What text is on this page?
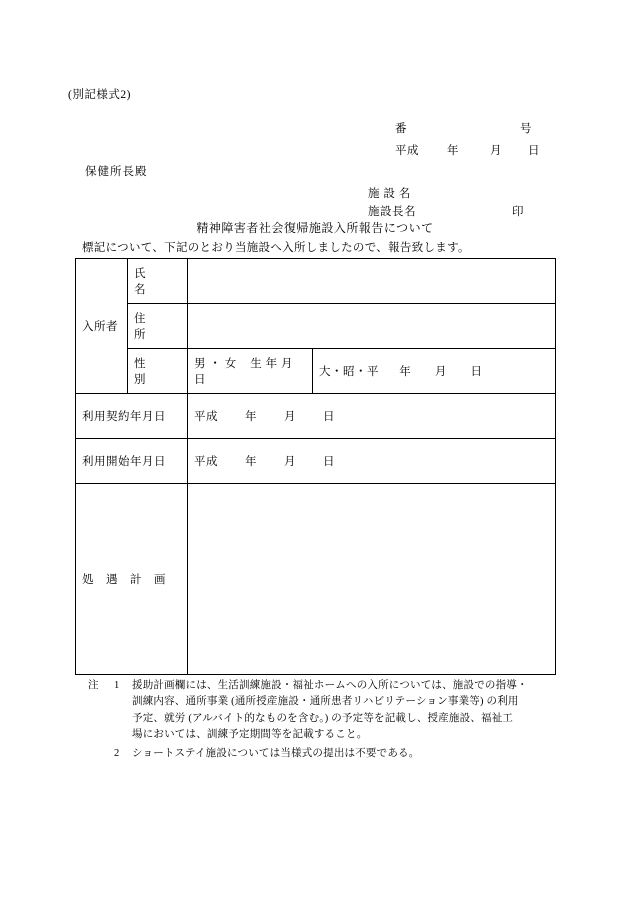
(別記様式2)
番	号
平成 年	月 日
保健所長殿
施 設 名
施設長名	印
精神障害者社会復帰施設入所報告について
標記について、下記のとおり当施設へ入所しましたので、報告致します。
入所者	氏　　名		
	住　　所		
	性　　別	男 ・ 女 生 年 月 日	大・昭・平 年 月 日
利用契約年月日		平成 年 月 日	
利用開始年月日		平成 年 月 日	
処　遇　計　画			
注 1 援助計画欄には、生活訓練施設・福祉ホームへの入所については、施設での指導・

訓練内容、通所事業 (通所授産施設・通所患者リハビリテーション事業等) の利用

予定、就労 (アルバイト的なものを含む。) の予定等を記載し、授産施設、福祉工

場においては、訓練予定期間等を記載すること。

2 ショートステイ施設については当様式の提出は不要である。
